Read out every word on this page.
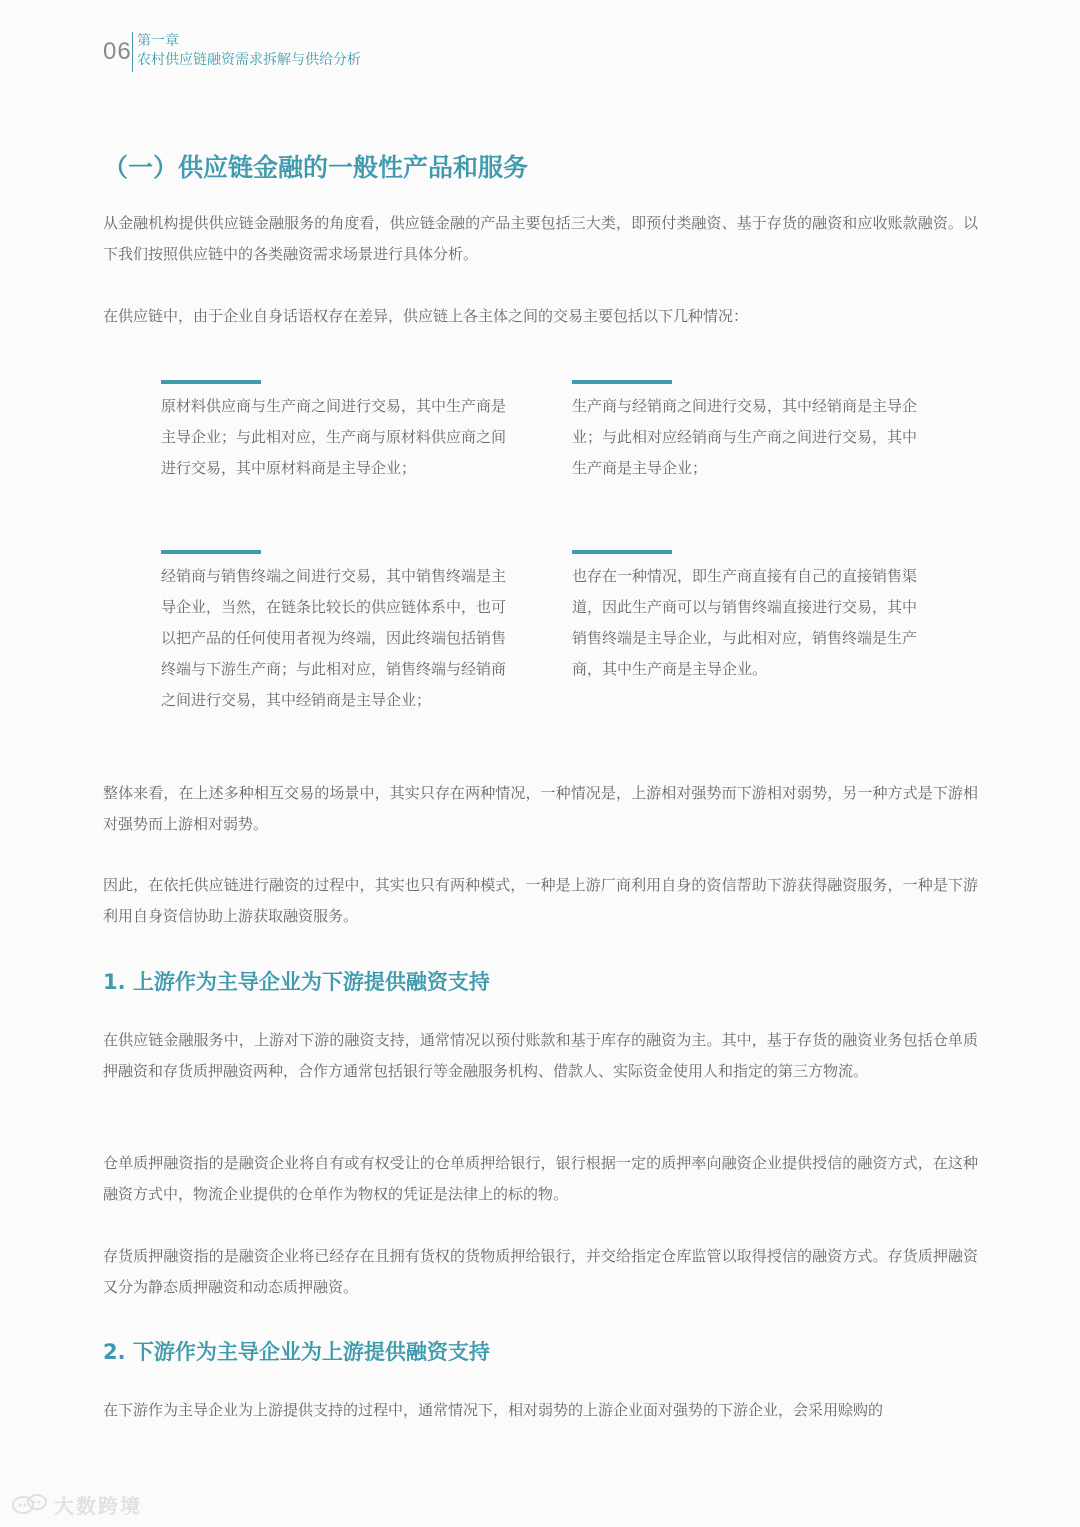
06 第一章
农村供应链融资需求拆解与供给分析
（一）供应链金融的一般性产品和服务

从金融机构提供供应链金融服务的角度看，供应链金融的产品主要包括三大类，即预付类融资、基于存货的融资和应收账款融资。以下我们按照供应链中的各类融资需求场景进行具体分析。

在供应链中，由于企业自身话语权存在差异，供应链上各主体之间的交易主要包括以下几种情况：

原材料供应商与生产商之间进行交易，其中生产商是主导企业；与此相对应，生产商与原材料供应商之间进行交易，其中原材料商是主导企业；

生产商与经销商之间进行交易，其中经销商是主导企业；与此相对应经销商与生产商之间进行交易，其中生产商是主导企业；

经销商与销售终端之间进行交易，其中销售终端是主导企业，当然，在链条比较长的供应链体系中，也可以把产品的任何使用者视为终端，因此终端包括销售终端与下游生产商；与此相对应，销售终端与经销商之间进行交易，其中经销商是主导企业；

也存在一种情况，即生产商直接有自己的直接销售渠道，因此生产商可以与销售终端直接进行交易，其中销售终端是主导企业，与此相对应，销售终端是生产商，其中生产商是主导企业。

整体来看，在上述多种相互交易的场景中，其实只存在两种情况，一种情况是，上游相对强势而下游相对弱势，另一种方式是下游相对强势而上游相对弱势。

因此，在依托供应链进行融资的过程中，其实也只有两种模式，一种是上游厂商利用自身的资信帮助下游获得融资服务，一种是下游利用自身资信协助上游获取融资服务。

1. 上游作为主导企业为下游提供融资支持

在供应链金融服务中，上游对下游的融资支持，通常情况以预付账款和基于库存的融资为主。其中，基于存货的融资业务包括仓单质押融资和存货质押融资两种，合作方通常包括银行等金融服务机构、借款人、实际资金使用人和指定的第三方物流。

仓单质押融资指的是融资企业将自有或有权受让的仓单质押给银行，银行根据一定的质押率向融资企业提供授信的融资方式，在这种融资方式中，物流企业提供的仓单作为物权的凭证是法律上的标的物。

存货质押融资指的是融资企业将已经存在且拥有货权的货物质押给银行，并交给指定仓库监管以取得授信的融资方式。存货质押融资又分为静态质押融资和动态质押融资。

2. 下游作为主导企业为上游提供融资支持

在下游作为主导企业为上游提供支持的过程中，通常情况下，相对弱势的上游企业面对强势的下游企业，会采用赊购的

大数跨境
